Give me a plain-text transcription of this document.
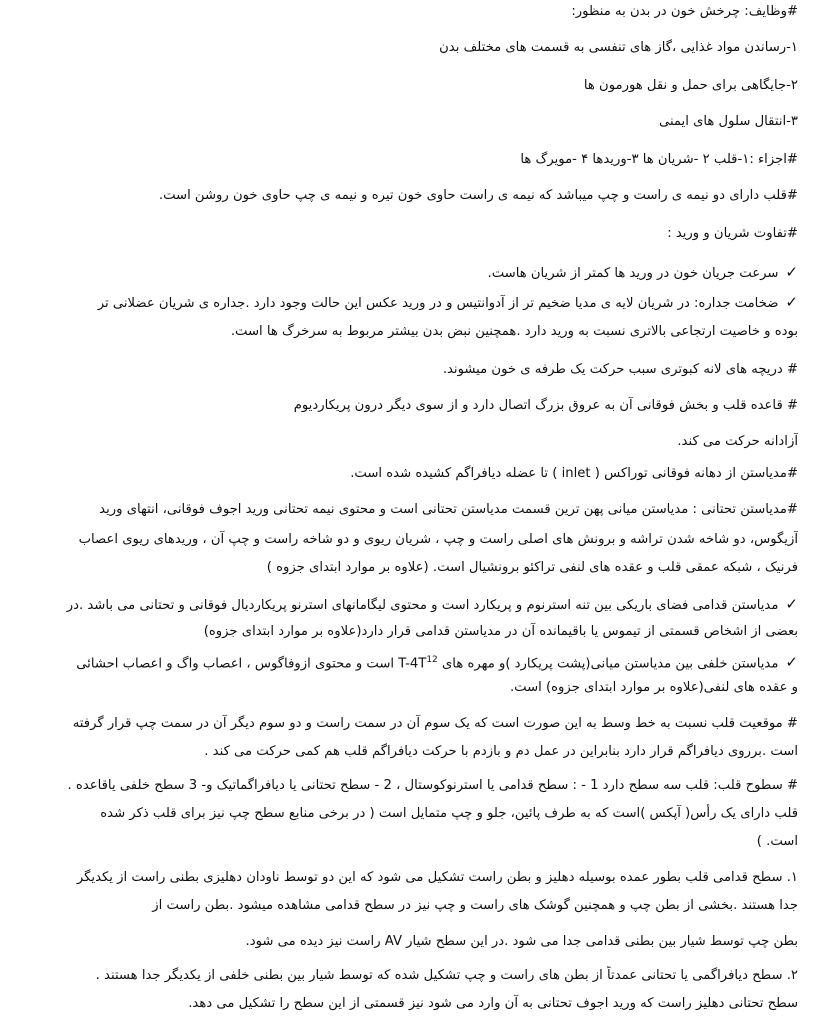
#وظایف: چرخش خون در بدن به منظور:
۱-رساندن مواد غذایی ،گاز های تنفسی به قسمت های مختلف بدن
۲-جایگاهی برای حمل و نقل هورمون ها
۳-انتقال سلول های ایمنی
#اجزاء :۱-قلب ۲ -شریان ها ۳-وریدها ۴ -مویرگ ها
#قلب دارای دو نیمه ی راست و چپ میباشد که نیمه ی راست حاوی خون تیره و نیمه ی چپ حاوی خون روشن است.
#تفاوت شریان و ورید :
✓سرعت جریان خون در ورید ها کمتر از شریان هاست.
✓ضخامت جداره: در شریان لایه ی مدیا ضخیم تر از آدوانتیس و در ورید عکس این حالت وجود دارد .جداره ی شریان عضلانی تر
بوده و خاصیت ارتجاعی بالاتری نسبت به ورید دارد .همچنین نبض بدن بیشتر مربوط به سرخرگ ها است.
# دریچه های لانه کبوتری سبب حرکت یک طرفه ی خون میشوند.
# قاعده قلب و بخش فوقانی آن به عروق بزرگ اتصال دارد و از سوی دیگر درون پریکاردیوم
آزادانه حرکت می کند.
#مدیاستن از دهانه فوقانی توراکس ( inlet ) تا عضله دیافراگم کشیده شده است.
#مدیاستن تحتانی : مدیاستن میانی پهن ترین قسمت مدیاستن تحتانی است و محتوی نیمه تحتانی ورید اجوف فوقانی، انتهای ورید
آزیگوس، دو شاخه شدن تراشه و برونش های اصلی راست و چپ ، شریان ریوی و دو شاخه راست و چپ آن ، وریدهای ریوی اعصاب
فرنیک ، شبکه عمقی قلب و عقده های لنفی تراکئو برونشیال است. (علاوه بر موارد ابتدای جزوه )
✓مدیاستن قدامی فضای باریکی بین تنه استرنوم و پریکارد است و محتوی لیگامانهای استرنو پریکاردیال فوقانی و تحتانی می باشد .در
بعضی از اشخاص قسمتی از تیموس یا باقیمانده آن در مدیاستن قدامی قرار دارد(علاوه بر موارد ابتدای جزوه)
✓مدیاستن خلفی بین مدیاستن میانی(پشت پریکارد )و مهره های $T-4T^{12}$ است و محتوی ازوفاگوس ، اعصاب واگ و اعصاب احشائی
و عقده های لنفی(علاوه بر موارد ابتدای جزوه) است.
# موقعیت قلب نسبت به خط وسط به این صورت است که یک سوم آن در سمت راست و دو سوم دیگر آن در سمت چپ قرار گرفته
است .برروی دیافراگم قرار دارد بنابراین در عمل دم و بازدم با حرکت دیافراگم قلب هم کمی حرکت می کند .
# سطوح قلب: قلب سه سطح دارد 1 - : سطح قدامی یا استرنوکوستال ، 2 - سطح تحتانی یا دیافراگماتیک و- 3 سطح خلفی یاقاعده .
قلب دارای یک رأس( آپکس )است که به طرف پائین، جلو و چپ متمایل است ( در برخی منابع سطح چپ نیز برای قلب ذکر شده
است. )
۱. سطح قدامی قلب بطور عمده بوسیله دهلیز و بطن راست تشکیل می شود که این دو توسط ناودان دهلیزی بطنی راست از یکدیگر
جدا هستند .بخشی از بطن چپ و همچنین گوشک های راست و چپ نیز در سطح قدامی مشاهده میشود .بطن راست از
بطن چپ توسط شیار بین بطنی قدامی جدا می شود .در این سطح شیار AV راست نیز دیده می شود.
۲. سطح دیافراگمی یا تحتانی عمدتاً از بطن های راست و چپ تشکیل شده که توسط شیار بین بطنی خلفی از یکدیگر جدا هستند .
سطح تحتانی دهلیز راست که ورید اجوف تحتانی به آن وارد می شود نیز قسمتی از این سطح را تشکیل می دهد.
